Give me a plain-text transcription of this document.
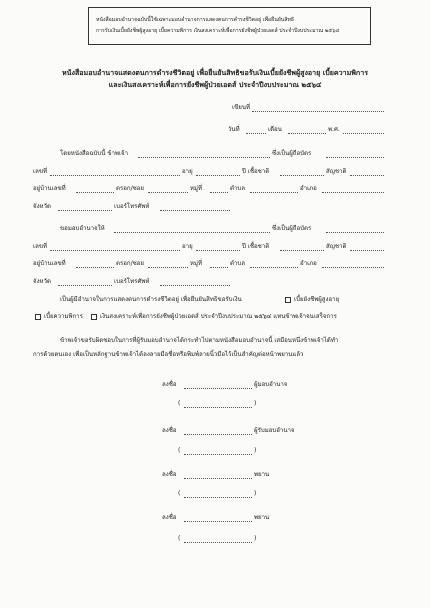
หนังสือมอบอำนาจฉบับนี้ใช้เฉพาะมอบอำนาจการแสดงตนการดำรงชีวิตอยู่ เพื่อยืนยันสิทธิ
การรับเงินเบี้ยยังชีพผู้สูงอายุ เบี้ยความพิการ เงินสงเคราะห์เพื่อการยังชีพผู้ป่วยเอดส์ ประจำปีงบประมาณ ๒๕๖๔
หนังสือมอบอำนาจแสดงตนการดำรงชีวิตอยู่ เพื่อยืนยันสิทธิขอรับเงินเบี้ยยังชีพผู้สูงอายุ เบี้ยความพิการ
และเงินสงเคราะห์เพื่อการยังชีพผู้ป่วยเอดส์ ประจำปีงบประมาณ ๒๕๖๔
เขียนที่
วันที่	เดือน	พ.ศ.
โดยหนังสือฉบับนี้ ข้าพเจ้า	ซึ่งเป็นผู้ถือบัตร
เลขที่	อายุ	ปี เชื้อชาติ	สัญชาติ
อยู่บ้านเลขที่	ตรอก/ซอย	หมู่ที่	ตำบล	อำเภอ
จังหวัด	เบอร์โทรศัพท์
ขอมอบอำนาจให้	ซึ่งเป็นผู้ถือบัตร
เลขที่	อายุ	ปี เชื้อชาติ	สัญชาติ
อยู่บ้านเลขที่	ตรอก/ซอย	หมู่ที่	ตำบล	อำเภอ
จังหวัด	เบอร์โทรศัพท์
เป็นผู้มีอำนาจในการแสดงตนการดำรงชีวิตอยู่ เพื่อยืนยันสิทธิขอรับเงิน	เบี้ยยังชีพผู้สูงอายุ
เบี้ยความพิการ	เงินสงเคราะห์เพื่อการยังชีพผู้ป่วยเอดส์ ประจำปีงบประมาณ ๒๕๖๔ แทนข้าพเจ้าจนเสร็จการ
ข้าพเจ้าขอรับผิดชอบในการที่ผู้รับมอบอำนาจได้กระทำไปตามหนังสือมอบอำนาจนี้ เสมือนหนึ่งข้าพเจ้าได้ทำ
การด้วยตนเอง เพื่อเป็นหลักฐานข้าพเจ้าได้ลงลายมือชื่อหรือพิมพ์ลายนิ้วมือไว้เป็นสำคัญต่อหน้าพยานแล้ว
ลงชื่อ	ผู้มอบอำนาจ
(	)
ลงชื่อ	ผู้รับมอบอำนาจ
(	)
ลงชื่อ	พยาน
(	)
ลงชื่อ	พยาน
(	)
